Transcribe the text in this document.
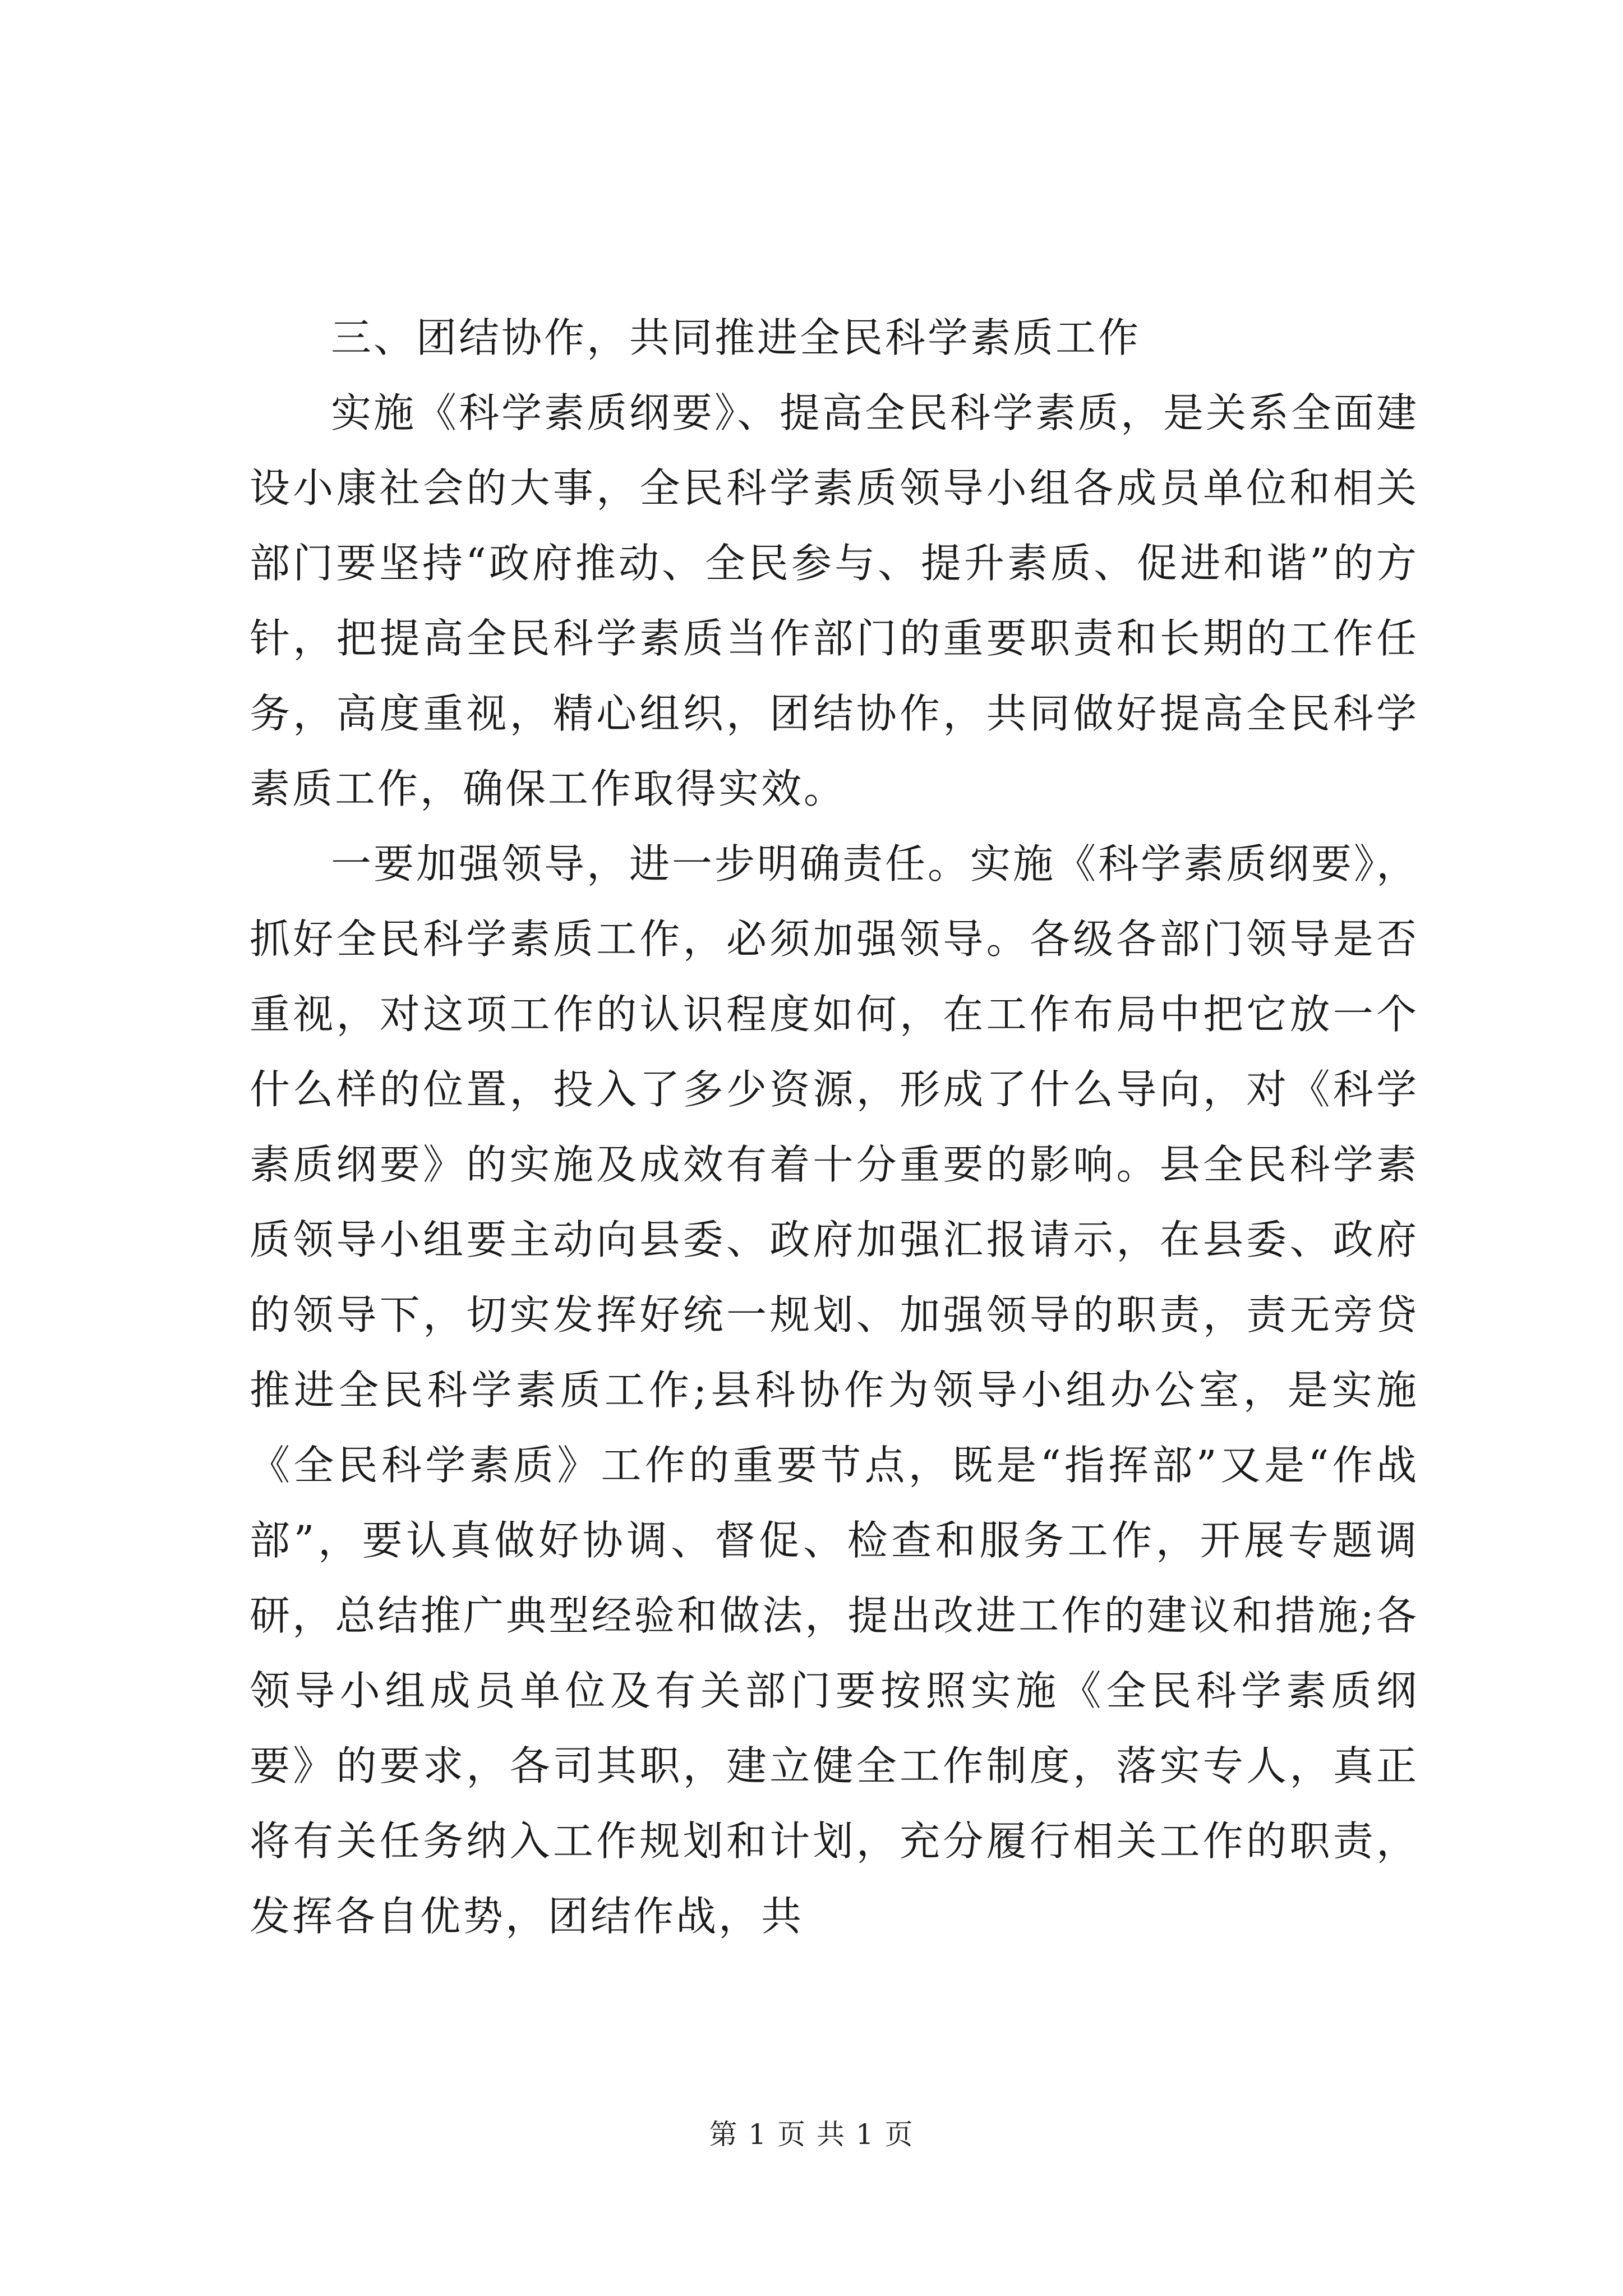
三、团结协作，共同推进全民科学素质工作

实施《科学素质纲要》、提高全民科学素质，是关系全面建设小康社会的大事，全民科学素质领导小组各成员单位和相关部门要坚持“政府推动、全民参与、提升素质、促进和谐”的方针，把提高全民科学素质当作部门的重要职责和长期的工作任务，高度重视，精心组织，团结协作，共同做好提高全民科学素质工作，确保工作取得实效。

一要加强领导，进一步明确责任。实施《科学素质纲要》，抓好全民科学素质工作，必须加强领导。各级各部门领导是否重视，对这项工作的认识程度如何，在工作布局中把它放一个什么样的位置，投入了多少资源，形成了什么导向，对《科学素质纲要》的实施及成效有着十分重要的影响。县全民科学素质领导小组要主动向县委、政府加强汇报请示，在县委、政府的领导下，切实发挥好统一规划、加强领导的职责，责无旁贷推进全民科学素质工作;县科协作为领导小组办公室，是实施《全民科学素质》工作的重要节点，既是“指挥部”又是“作战部”，要认真做好协调、督促、检查和服务工作，开展专题调研，总结推广典型经验和做法，提出改进工作的建议和措施;各领导小组成员单位及有关部门要按照实施《全民科学素质纲要》的要求，各司其职，建立健全工作制度，落实专人，真正将有关任务纳入工作规划和计划，充分履行相关工作的职责，发挥各自优势，团结作战，共

第 1 页 共 1 页
